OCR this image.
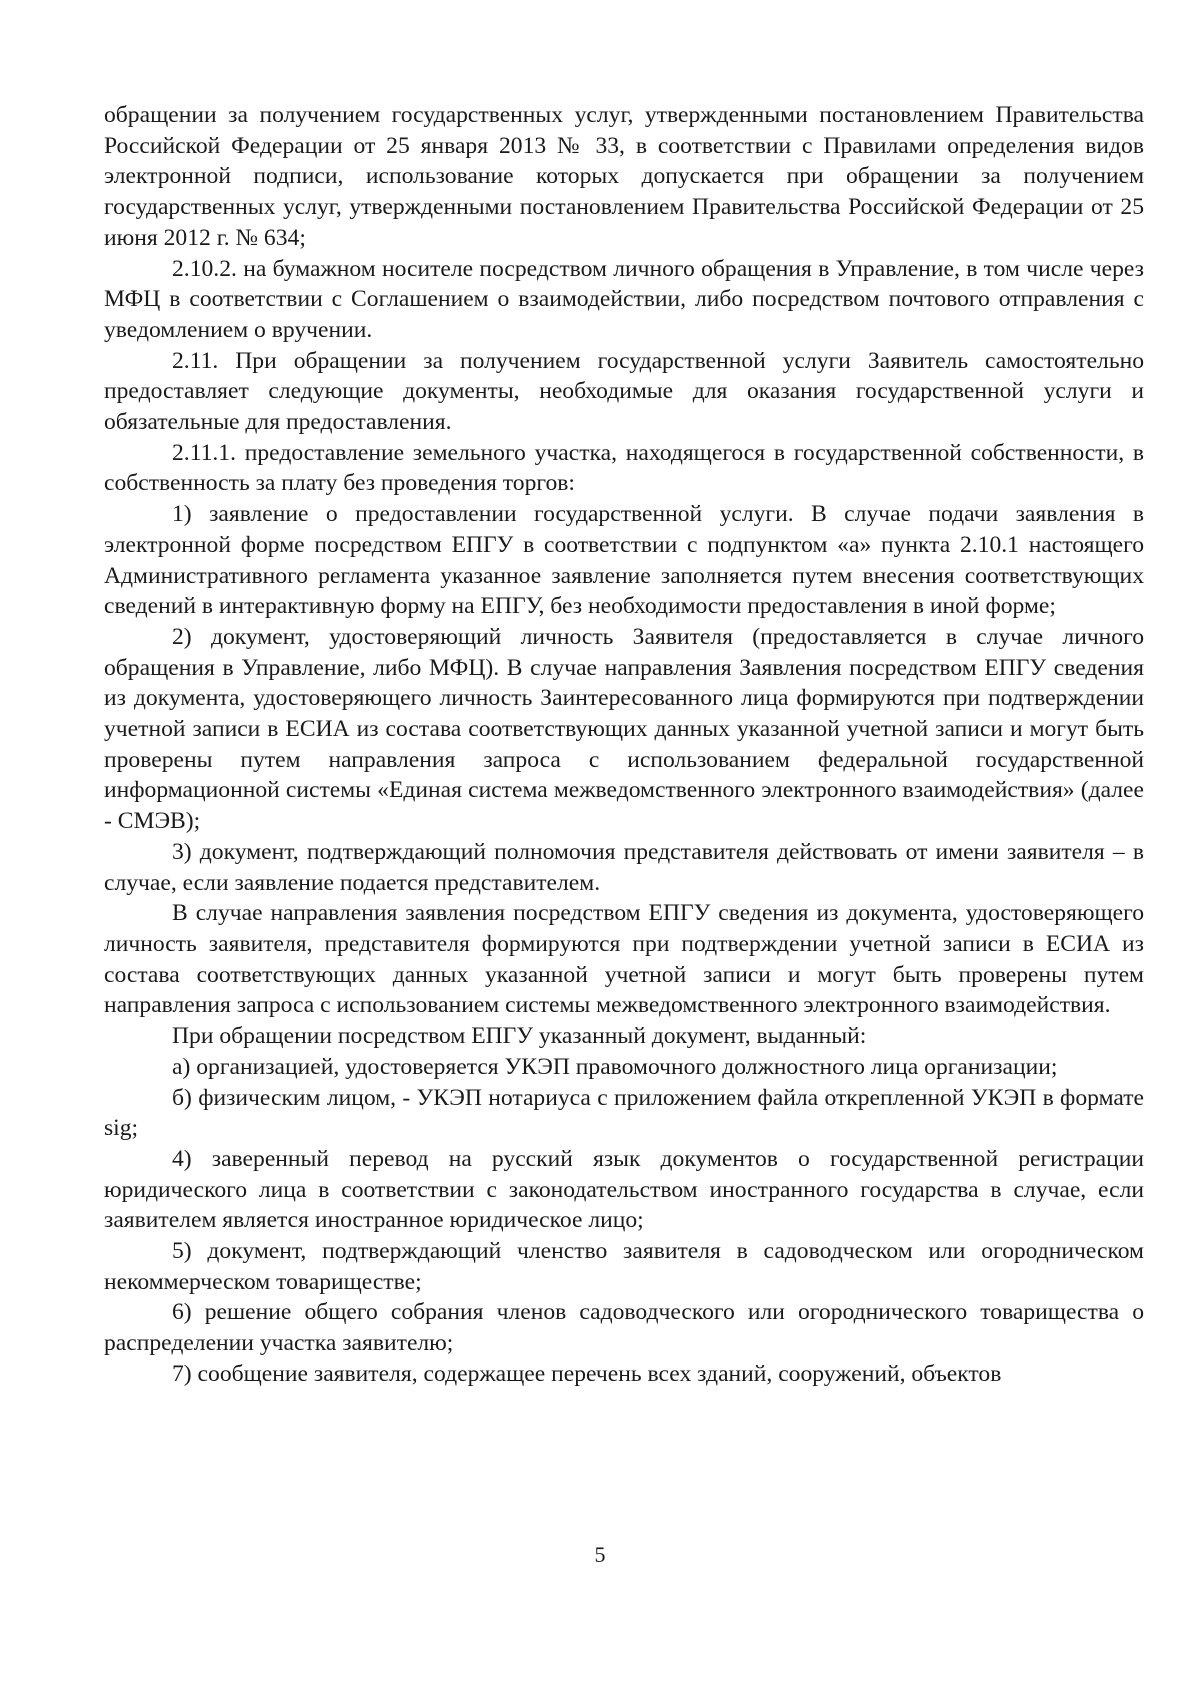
обращении за получением государственных услуг, утвержденными постановлением Правительства Российской Федерации от 25 января 2013 № 33, в соответствии с Правилами определения видов электронной подписи, использование которых допускается при обращении за получением государственных услуг, утвержденными постановлением Правительства Российской Федерации от 25 июня 2012 г. № 634;

2.10.2. на бумажном носителе посредством личного обращения в Управление, в том числе через МФЦ в соответствии с Соглашением о взаимодействии, либо посредством почтового отправления с уведомлением о вручении.

2.11. При обращении за получением государственной услуги Заявитель самостоятельно предоставляет следующие документы, необходимые для оказания государственной услуги и обязательные для предоставления.

2.11.1. предоставление земельного участка, находящегося в государственной собственности, в собственность за плату без проведения торгов:

1) заявление о предоставлении государственной услуги. В случае подачи заявления в электронной форме посредством ЕПГУ в соответствии с подпунктом «а» пункта 2.10.1 настоящего Административного регламента указанное заявление заполняется путем внесения соответствующих сведений в интерактивную форму на ЕПГУ, без необходимости предоставления в иной форме;

2) документ, удостоверяющий личность Заявителя (предоставляется в случае личного обращения в Управление, либо МФЦ). В случае направления Заявления посредством ЕПГУ сведения из документа, удостоверяющего личность Заинтересованного лица формируются при подтверждении учетной записи в ЕСИА из состава соответствующих данных указанной учетной записи и могут быть проверены путем направления запроса с использованием федеральной государственной информационной системы «Единая система межведомственного электронного взаимодействия» (далее - СМЭВ);

3) документ, подтверждающий полномочия представителя действовать от имени заявителя – в случае, если заявление подается представителем.

В случае направления заявления посредством ЕПГУ сведения из документа, удостоверяющего личность заявителя, представителя формируются при подтверждении учетной записи в ЕСИА из состава соответствующих данных указанной учетной записи и могут быть проверены путем направления запроса с использованием системы межведомственного электронного взаимодействия.

При обращении посредством ЕПГУ указанный документ, выданный:

а) организацией, удостоверяется УКЭП правомочного должностного лица организации;

б) физическим лицом, - УКЭП нотариуса с приложением файла открепленной УКЭП в формате sig;

4) заверенный перевод на русский язык документов о государственной регистрации юридического лица в соответствии с законодательством иностранного государства в случае, если заявителем является иностранное юридическое лицо;

5) документ, подтверждающий членство заявителя в садоводческом или огородническом некоммерческом товариществе;

6) решение общего собрания членов садоводческого или огороднического товарищества о распределении участка заявителю;

7) сообщение заявителя, содержащее перечень всех зданий, сооружений, объектов

5
